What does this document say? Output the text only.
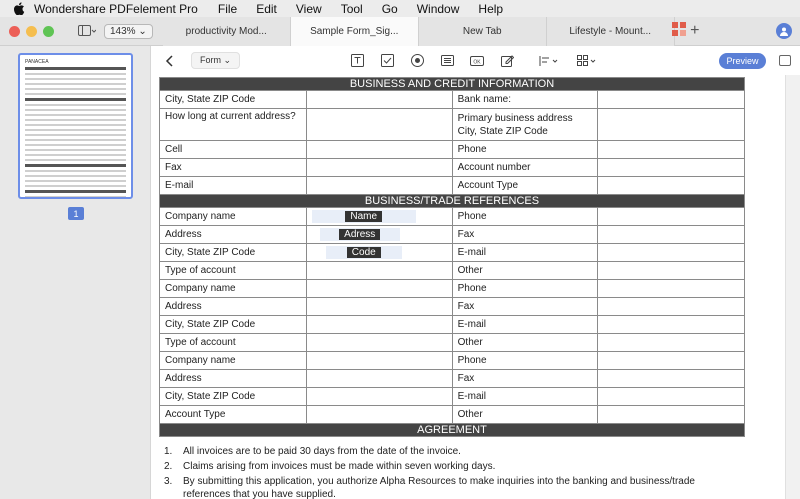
Wondershare PDFelement Pro File Edit View Tool Go Window Help
143% ⌄	productivity Mod...	Sample Form_Sig...	New Tab	Lifestyle - Mount...	+
PANACEA
1
Form ⌄	OK	Preview
BUSINESS AND CREDIT INFORMATION			
City, State ZIP Code		Bank name:	
How long at current address?		Primary business address
City, State ZIP Code	

Cell		Phone	
Fax		Account number	
E-mail		Account Type	
BUSINESS/TRADE REFERENCES			
Company name	Name	Phone	
Address	Adress	Fax	
City, State ZIP Code	Code	E-mail	
Type of account		Other	
Company name		Phone	
Address		Fax	
City, State ZIP Code		E-mail	
Type of account		Other	
Company name		Phone	
Address		Fax	
City, State ZIP Code		E-mail	
Account Type		Other	
AGREEMENT			
1.	All invoices are to be paid 30 days from the date of the invoice.
2.	Claims arising from invoices must be made within seven working days.
3.	By submitting this application, you authorize Alpha Resources to make inquiries into the banking and business/trade references that you have supplied.
